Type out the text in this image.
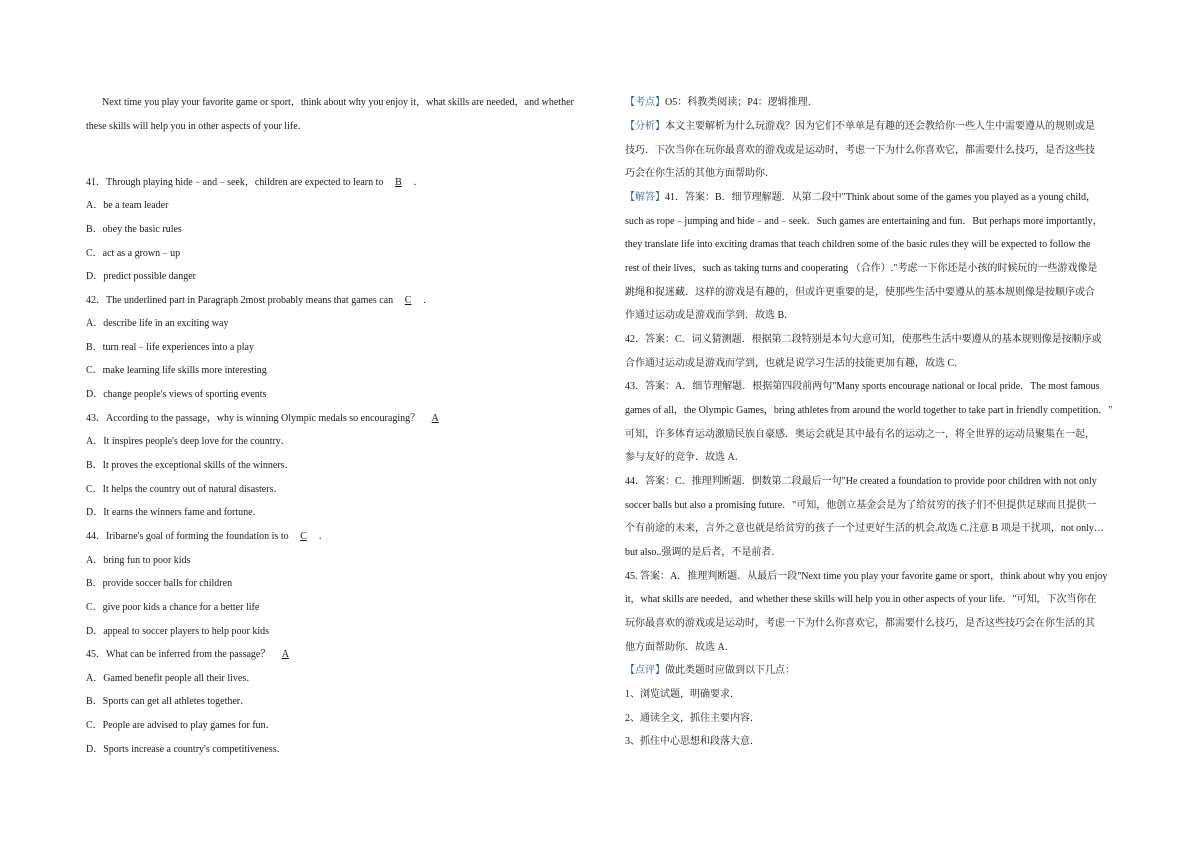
Next time you play your favorite game or sport，think about why you enjoy it，what skills are needed，and whether
these skills will help you in other aspects of your life．
41．Through playing hide﹣and﹣seek，children are expected to learn to B ．
A．be a team leader
B．obey the basic rules
C．act as a grown﹣up
D．predict possible danger
42．The underlined part in Paragraph 2most probably means that games can C ．
A．describe life in an exciting way
B．turn real﹣life experiences into a play
C．make learning life skills more interesting
D．change people's views of sporting events
43．According to the passage，why is winning Olympic medals so encouraging？ A
A．It inspires people's deep love for the country．
B．It proves the exceptional skills of the winners．
C．It helps the country out of natural disasters．
D．It earns the winners fame and fortune．
44．Iribarne's goal of forming the foundation is to C ．
A．bring fun to poor kids
B．provide soccer balls for children
C．give poor kids a chance for a better life
D．appeal to soccer players to help poor kids
45．What can be inferred from the passage？ A
A．Gamed benefit people all their lives．
B．Sports can get all athletes together．
C．People are advised to play games for fun．
D．Sports increase a country's competitiveness．
【考点】O5：科教类阅读；P4：逻辑推理．
【分析】本文主要解析为什么玩游戏？因为它们不单单是有趣的还会教给你一些人生中需要遵从的规则或是
技巧．下次当你在玩你最喜欢的游戏或是运动时，考虑一下为什么你喜欢它，都需要什么技巧，是否这些技
巧会在你生活的其他方面帮助你．
【解答】41．答案：B．细节理解题．从第二段中"Think about some of the games you played as a young child，
such as rope﹣jumping and hide﹣and﹣seek．Such games are entertaining and fun．But perhaps more importantly，
they translate life into exciting dramas that teach children some of the basic rules they will be expected to follow the
rest of their lives，such as taking turns and cooperating （合作）."考虑一下你还是小孩的时候玩的一些游戏像是
跳绳和捉迷藏．这样的游戏是有趣的，但或许更重要的是，使那些生活中要遵从的基本规则像是按顺序或合
作通过运动或是游戏而学到．故选 B．
42．答案：C．词义猜测题．根据第二段特别是本句大意可知，使那些生活中要遵从的基本规则像是按顺序或
合作通过运动或是游戏而学到，也就是说学习生活的技能更加有趣，故选 C．
43．答案：A．细节理解题．根据第四段前两句"Many sports encourage national or local pride．The most famous
games of all，the Olympic Games，bring athletes from around the world together to take part in friendly competition．"
可知，许多体育运动激励民族自豪感．奥运会就是其中最有名的运动之一，将全世界的运动员聚集在一起，
参与友好的竞争．故选 A．
44．答案：C．推理判断题．倒数第二段最后一句"He created a foundation to provide poor children with not only
soccer balls but also a promising future．"可知，他创立基金会是为了给贫穷的孩子们不但提供足球而且提供一
个有前途的未来，言外之意也就是给贫穷的孩子一个过更好生活的机会.故选 C.注意 B 项是干扰项，not only…
but also..强调的是后者，不是前者．
45. 答案：A．推理判断题．从最后一段"Next time you play your favorite game or sport，think about why you enjoy
it，what skills are needed，and whether these skills will help you in other aspects of your life．"可知，下次当你在
玩你最喜欢的游戏或是运动时，考虑一下为什么你喜欢它，都需要什么技巧，是否这些技巧会在你生活的其
他方面帮助你．故选 A．
【点评】做此类题时应做到以下几点：
1、浏览试题，明确要求．
2、通读全文，抓住主要内容．
3、抓住中心思想和段落大意．
